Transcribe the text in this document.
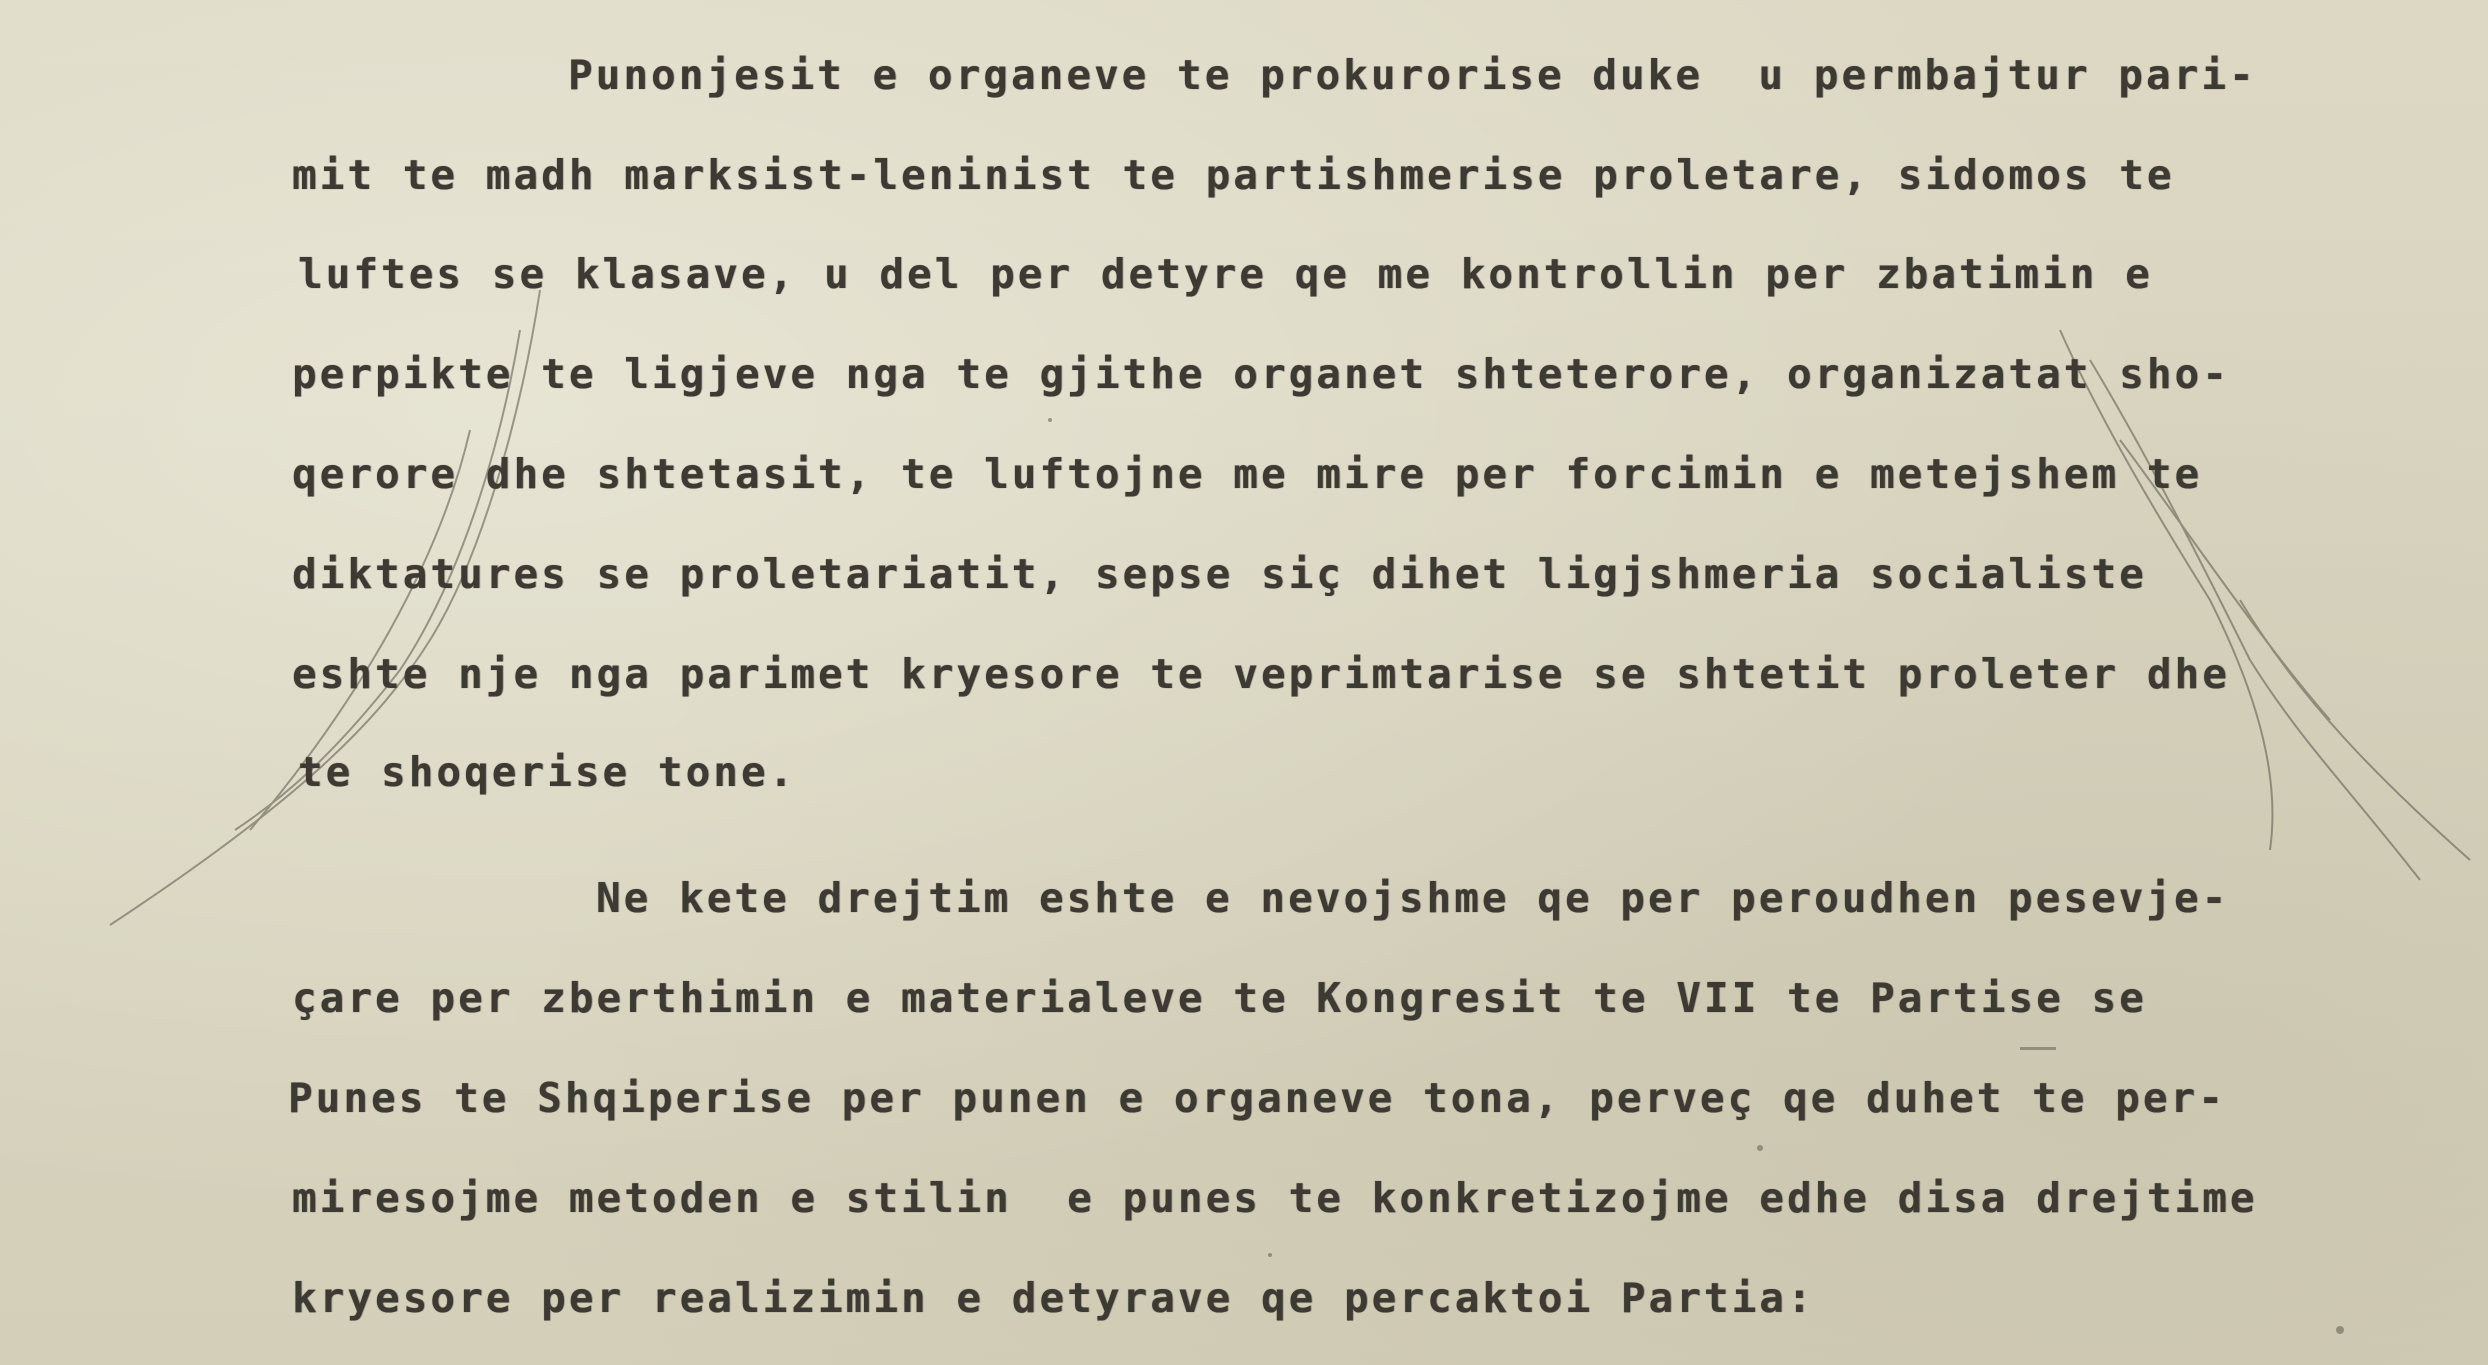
Punonjesit e organeve te prokurorise duke  u permbajtur pari-
mit te madh marksist-leninist te partishmerise proletare, sidomos te
luftes se klasave, u del per detyre qe me kontrollin per zbatimin e
perpikte te ligjeve nga te gjithe organet shteterore, organizatat sho-
qerore dhe shtetasit, te luftojne me mire per forcimin e metejshem te
diktatures se proletariatit, sepse siç dihet ligjshmeria socialiste
eshte nje nga parimet kryesore te veprimtarise se shtetit proleter dhe
te shoqerise tone.
Ne kete drejtim eshte e nevojshme qe per peroudhen pesevje-
çare per zberthimin e materialeve te Kongresit te VII te Partise se
Punes te Shqiperise per punen e organeve tona, perveç qe duhet te per-
miresojme metoden e stilin  e punes te konkretizojme edhe disa drejtime
kryesore per realizimin e detyrave qe percaktoi Partia:
